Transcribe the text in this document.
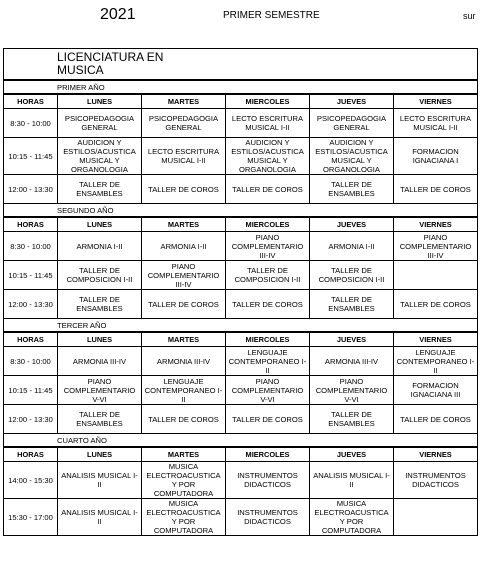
2021	PRIMER SEMESTRE	sur
LICENCIATURA EN
MUSICA					

PRIMER AÑO					
HORAS	LUNES	MARTES	MIERCOLES	JUEVES	VIERNES
8:30 - 10:00	PSICOPEDAGOGIA GENERAL	PSICOPEDAGOGIA GENERAL	LECTO ESCRITURA MUSICAL I-II	PSICOPEDAGOGIA GENERAL	LECTO ESCRITURA MUSICAL I-II
10:15 - 11:45	AUDICION Y ESTILOS/ACUSTICA MUSICAL Y ORGANOLOGIA	LECTO ESCRITURA MUSICAL I-II	AUDICION Y ESTILOS/ACUSTICA MUSICAL Y ORGANOLOGIA	AUDICION Y ESTILOS/ACUSTICA MUSICAL Y ORGANOLOGIA	FORMACION IGNACIANA I
12:00 - 13:30	TALLER DE ENSAMBLES	TALLER DE COROS	TALLER DE COROS	TALLER DE ENSAMBLES	TALLER DE COROS
SEGUNDO AÑO					
HORAS	LUNES	MARTES	MIERCOLES	JUEVES	VIERNES
8:30 - 10:00	ARMONIA I-II	ARMONIA I-II	PIANO COMPLEMENTARIO III-IV	ARMONIA I-II	PIANO COMPLEMENTARIO III-IV
10:15 - 11:45	TALLER DE COMPOSICION I-II	PIANO COMPLEMENTARIO III-IV	TALLER DE COMPOSICION I-II	TALLER DE COMPOSICION I-II	
12:00 - 13:30	TALLER DE ENSAMBLES	TALLER DE COROS	TALLER DE COROS	TALLER DE ENSAMBLES	TALLER DE COROS
TERCER AÑO					
HORAS	LUNES	MARTES	MIERCOLES	JUEVES	VIERNES
8:30 - 10:00	ARMONIA III-IV	ARMONIA III-IV	LENGUAJE CONTEMPORANEO I-II	ARMONIA III-IV	LENGUAJE CONTEMPORANEO I-II
10:15 - 11:45	PIANO COMPLEMENTARIO V-VI	LENGUAJE CONTEMPORANEO I-II	PIANO COMPLEMENTARIO V-VI	PIANO COMPLEMENTARIO V-VI	FORMACION IGNACIANA III
12:00 - 13:30	TALLER DE ENSAMBLES	TALLER DE COROS	TALLER DE COROS	TALLER DE ENSAMBLES	TALLER DE COROS
CUARTO AÑO					
HORAS	LUNES	MARTES	MIERCOLES	JUEVES	VIERNES
14:00 - 15:30	ANALISIS MUSICAL I-II	MUSICA ELECTROACUSTICA Y POR COMPUTADORA	INSTRUMENTOS DIDACTICOS	ANALISIS MUSICAL I-II	INSTRUMENTOS DIDACTICOS
15:30 - 17:00	ANALISIS MUSICAL I-II	MUSICA ELECTROACUSTICA Y POR COMPUTADORA	INSTRUMENTOS DIDACTICOS	MUSICA ELECTROACUSTICA Y POR COMPUTADORA	
